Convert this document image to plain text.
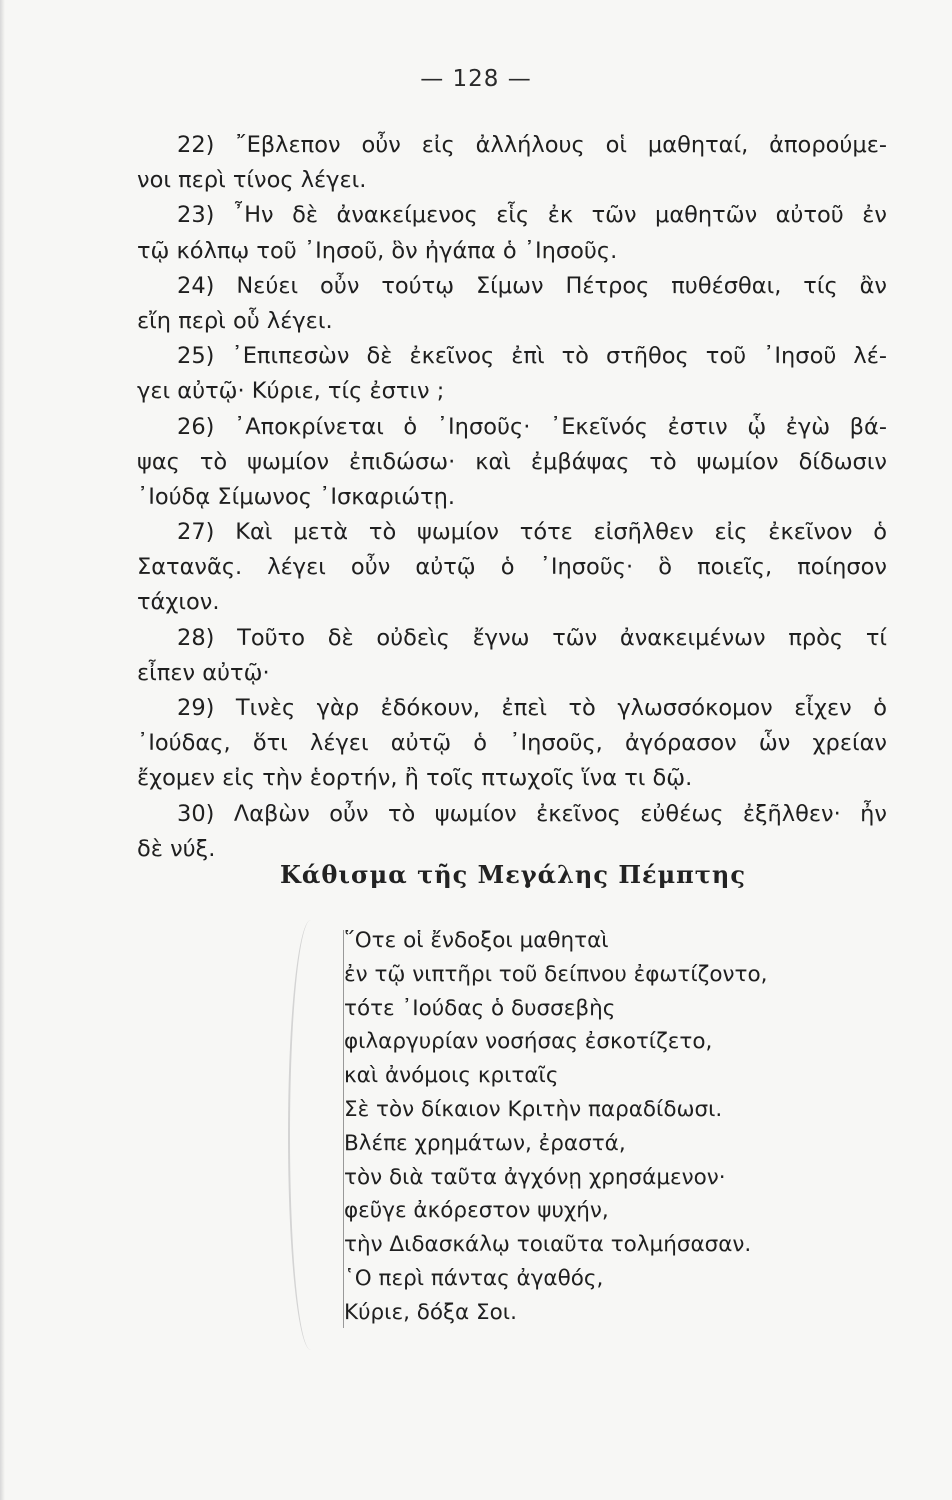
— 128 —
22) ῎Εβλεπον οὖν εἰς ἀλλήλους οἱ μαθηταί, ἀπορούμε-
νοι περὶ τίνος λέγει.
23) ῏Ην δὲ ἀνακείμενος εἷς ἐκ τῶν μαθητῶν αὐτοῦ ἐν
τῷ κόλπῳ τοῦ ᾿Ιησοῦ, ὃν ἠγάπα ὁ ᾿Ιησοῦς.
24) Νεύει οὖν τούτῳ Σίμων Πέτρος πυθέσθαι, τίς ἂν
εἴη περὶ οὗ λέγει.
25) ᾿Επιπεσὼν δὲ ἐκεῖνος ἐπὶ τὸ στῆθος τοῦ ᾿Ιησοῦ λέ-
γει αὐτῷ· Κύριε, τίς ἐστιν ;
26) ᾿Αποκρίνεται ὁ ᾿Ιησοῦς· ᾿Εκεῖνός ἐστιν ᾧ ἐγὼ βά-
ψας τὸ ψωμίον ἐπιδώσω· καὶ ἐμβάψας τὸ ψωμίον δίδωσιν
᾿Ιούδᾳ Σίμωνος ᾿Ισκαριώτῃ.
27) Καὶ μετὰ τὸ ψωμίον τότε εἰσῆλθεν εἰς ἐκεῖνον ὁ
Σατανᾶς. λέγει οὖν αὐτῷ ὁ ᾿Ιησοῦς· ὃ ποιεῖς, ποίησον
τάχιον.
28) Τοῦτο δὲ οὐδεὶς ἔγνω τῶν ἀνακειμένων πρὸς τί
εἶπεν αὐτῷ·
29) Τινὲς γὰρ ἐδόκουν, ἐπεὶ τὸ γλωσσόκομον εἶχεν ὁ
᾿Ιούδας, ὅτι λέγει αὐτῷ ὁ ᾿Ιησοῦς, ἀγόρασον ὧν χρείαν
ἔχομεν εἰς τὴν ἑορτήν, ἢ τοῖς πτωχοῖς ἵνα τι δῷ.
30) Λαβὼν οὖν τὸ ψωμίον ἐκεῖνος εὐθέως ἐξῆλθεν· ἦν
δὲ νύξ.
Κάθισμα τῆς Μεγάλης Πέμπτης
῞Οτε οἱ ἔνδοξοι μαθηταὶ
ἐν τῷ νιπτῆρι τοῦ δείπνου ἐφωτίζοντο,
τότε ᾿Ιούδας ὁ δυσσεβὴς
φιλαργυρίαν νοσήσας ἐσκοτίζετο,
καὶ ἀνόμοις κριταῖς
Σὲ τὸν δίκαιον Κριτὴν παραδίδωσι.
Βλέπε χρημάτων, ἐραστά,
τὸν διὰ ταῦτα ἀγχόνῃ χρησάμενον·
φεῦγε ἀκόρεστον ψυχήν,
τὴν Διδασκάλῳ τοιαῦτα τολμήσασαν.
῾Ο περὶ πάντας ἀγαθός,
Κύριε, δόξα Σοι.
